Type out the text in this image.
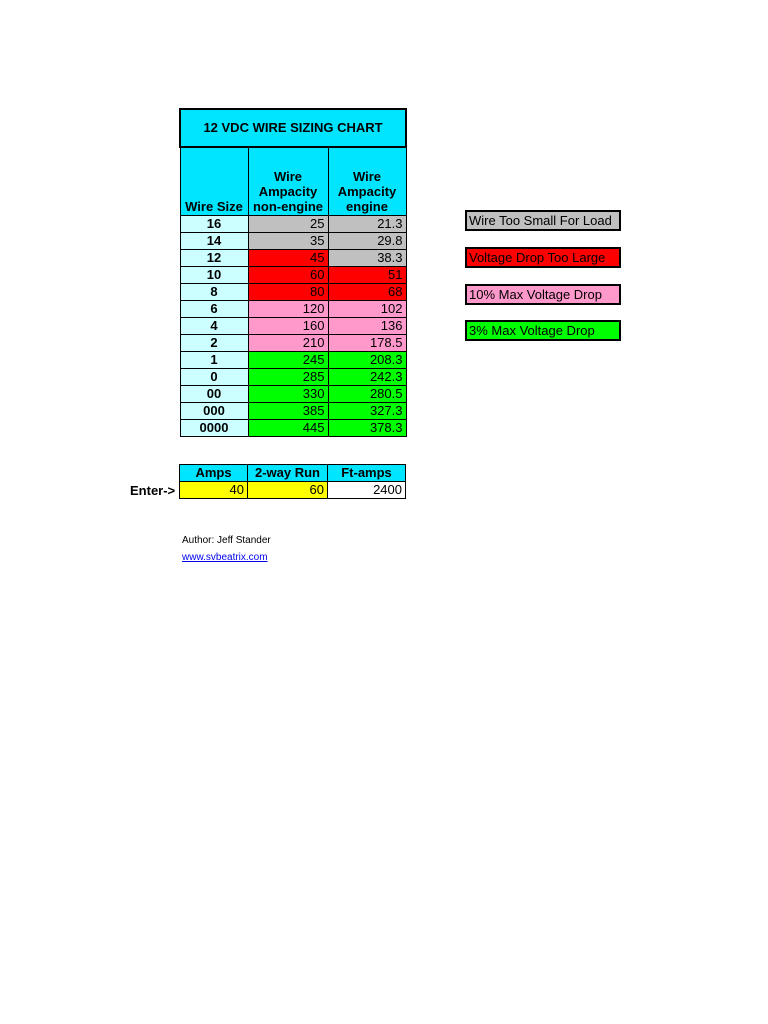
12 VDC WIRE SIZING CHART		
Wire Size	Wire Ampacity non-engine	Wire Ampacity engine
16	25	21.3
14	35	29.8
12	45	38.3
10	60	51
8	80	68
6	120	102
4	160	136
2	210	178.5
1	245	208.3
0	285	242.3
00	330	280.5
000	385	327.3
0000	445	378.3
Wire Too Small For Load
Voltage Drop Too Large
10% Max Voltage Drop
3% Max Voltage Drop
Enter->
Amps	2-way Run	Ft-amps
40	60	2400
Author: Jeff Stander
www.svbeatrix.com
